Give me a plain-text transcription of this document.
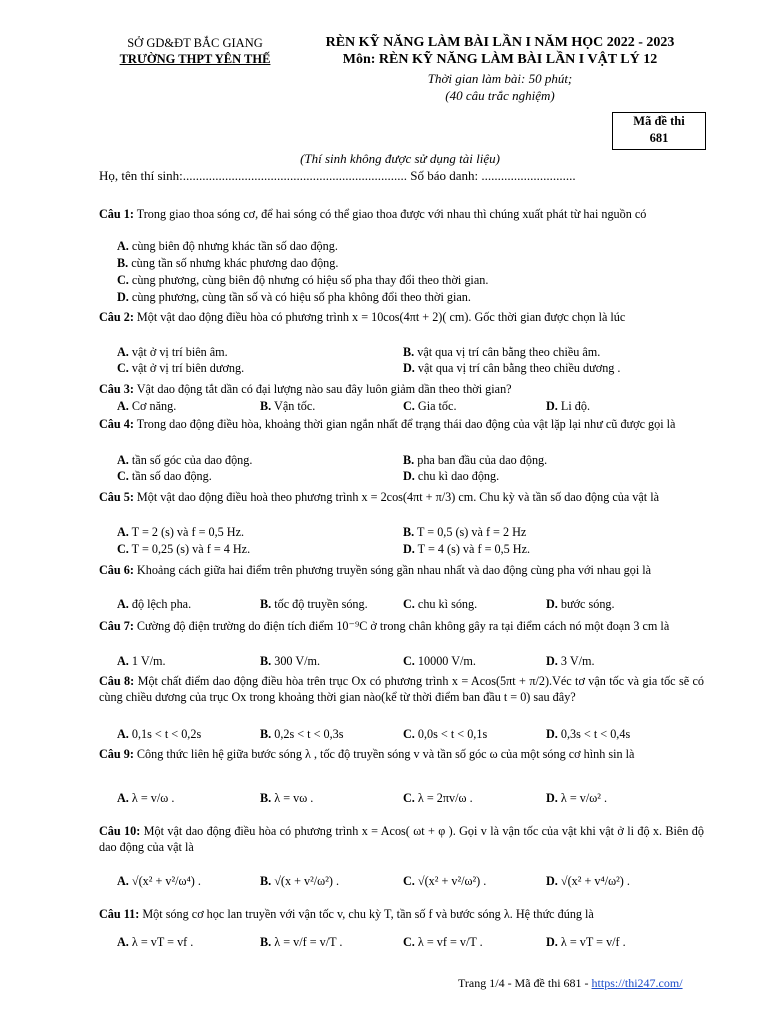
SỞ GD&ĐT BẮC GIANG
TRƯỜNG THPT YÊN THẾ
RÈN KỸ NĂNG LÀM BÀI LẦN I NĂM HỌC 2022 - 2023
Môn: RÈN KỸ NĂNG LÀM BÀI LẦN I VẬT LÝ 12
Thời gian làm bài: 50 phút;
(40 câu trắc nghiệm)
Mã đề thi
681
(Thí sinh không được sử dụng tài liệu)
Họ, tên thí sinh:..................................................................... Số báo danh: .............................
Câu 1: Trong giao thoa sóng cơ, để hai sóng có thể giao thoa được với nhau thì chúng xuất phát từ hai nguồn có
A. cùng biên độ nhưng khác tần số dao động.
B. cùng tần số nhưng khác phương dao động.
C. cùng phương, cùng biên độ nhưng có hiệu số pha thay đổi theo thời gian.
D. cùng phương, cùng tần số và có hiệu số pha không đổi theo thời gian.
Câu 2: Một vật dao động điều hòa có phương trình x = 10cos(4πt + 2)( cm). Gốc thời gian được chọn là lúc
A. vật ở vị trí biên âm.	B. vật qua vị trí cân bằng theo chiều âm.
C. vật ở vị trí biên dương.	D. vật qua vị trí cân bằng theo chiều dương .
Câu 3: Vật dao động tắt dần có đại lượng nào sau đây luôn giảm dần theo thời gian?
A. Cơ năng.	B. Vận tốc.	C. Gia tốc.	D. Li độ.
Câu 4: Trong dao động điều hòa, khoảng thời gian ngắn nhất để trạng thái dao động của vật lặp lại như cũ được gọi là
A. tần số góc của dao động.	B. pha ban đầu của dao động.
C. tần số dao động.	D. chu kì dao động.
Câu 5: Một vật dao động điều hoà theo phương trình x = 2cos(4πt + π/3) cm. Chu kỳ và tần số dao động của vật là
A. T = 2 (s) và f = 0,5 Hz.	B. T = 0,5 (s) và f = 2 Hz
C. T = 0,25 (s) và f = 4 Hz.	D. T = 4 (s) và f = 0,5 Hz.
Câu 6: Khoảng cách giữa hai điểm trên phương truyền sóng gần nhau nhất và dao động cùng pha với nhau gọi là
A. độ lệch pha.	B. tốc độ truyền sóng.	C. chu kì sóng.	D. bước sóng.
Câu 7: Cường độ điện trường do điện tích điểm 10⁻⁹C ở trong chân không gây ra tại điểm cách nó một đoạn 3 cm là
A. 1 V/m.	B. 300 V/m.	C. 10000 V/m.	D. 3 V/m.
Câu 8: Một chất điểm dao động điều hòa trên trục Ox có phương trình x = Acos(5πt + π/2).Véc tơ vận tốc và gia tốc sẽ có cùng chiều dương của trục Ox trong khoảng thời gian nào(kể từ thời điểm ban đầu t = 0) sau đây?
A. 0,1s < t < 0,2s	B. 0,2s < t < 0,3s	C. 0,0s < t < 0,1s	D. 0,3s < t < 0,4s
Câu 9: Công thức liên hệ giữa bước sóng λ , tốc độ truyền sóng v và tần số góc ω của một sóng cơ hình sin là
A. λ = v/ω .	B. λ = vω .	C. λ = 2πv/ω .	D. λ = v/ω² .
Câu 10: Một vật dao động điều hòa có phương trình x = Acos( ωt + φ ). Gọi v là vận tốc của vật khi vật ở li độ x. Biên độ dao động của vật là
A. √(x² + v²/ω⁴) .	B. √(x + v²/ω²) .	C. √(x² + v²/ω²) .	D. √(x² + v⁴/ω²) .
Câu 11: Một sóng cơ học lan truyền với vận tốc v, chu kỳ T, tần số f và bước sóng λ. Hệ thức đúng là
A. λ = vT = vf .	B. λ = v/f = v/T .	C. λ = vf = v/T .	D. λ = vT = v/f .
Trang 1/4 - Mã đề thi 681 - https://thi247.com/
